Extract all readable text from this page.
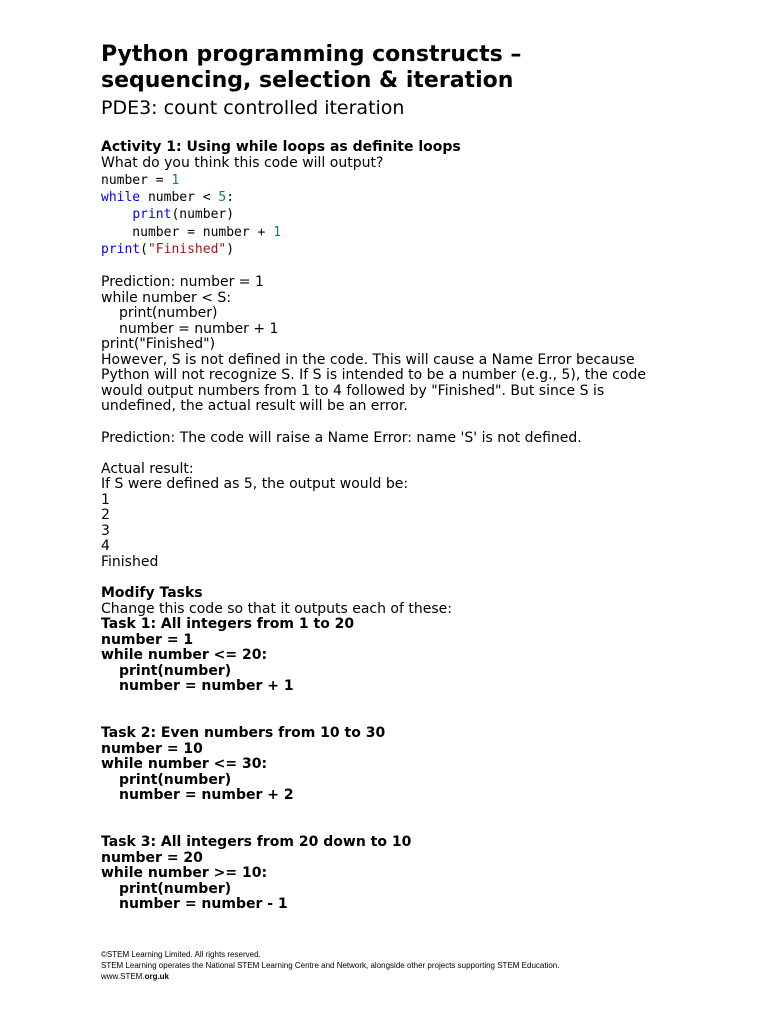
Python programming constructs –
sequencing, selection & iteration
PDE3: count controlled iteration
Activity 1: Using while loops as definite loops
What do you think this code will output?
number = 1
while number < 5:
print(number)
number = number + 1
print("Finished")
Prediction: number = 1
while number < S:
print(number)
number = number + 1
print("Finished")
However, S is not defined in the code. This will cause a Name Error because
Python will not recognize S. If S is intended to be a number (e.g., 5), the code
would output numbers from 1 to 4 followed by "Finished". But since S is
undefined, the actual result will be an error.
Prediction: The code will raise a Name Error: name 'S' is not defined.
Actual result:
If S were defined as 5, the output would be:
1
2
3
4
Finished
Modify Tasks
Change this code so that it outputs each of these:
Task 1: All integers from 1 to 20
number = 1
while number <= 20:
print(number)
number = number + 1
Task 2: Even numbers from 10 to 30
number = 10
while number <= 30:
print(number)
number = number + 2
Task 3: All integers from 20 down to 10
number = 20
while number >= 10:
print(number)
number = number - 1
©STEM Learning Limited. All rights reserved.
STEM Learning operates the National STEM Learning Centre and Network, alongside other projects supporting STEM Education.
www.STEM.org.uk
